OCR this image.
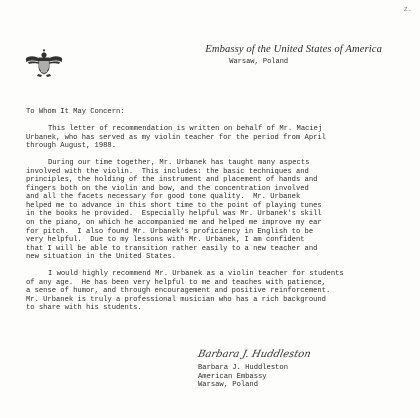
z.
Embassy of the United States of America
Warsaw, Poland
To Whom It May Concern:
This letter of recommendation is written on behalf of Mr. Maciej
Urbanek, who has served as my violin teacher for the period from April
through August, 1988.
During our time together, Mr. Urbanek has taught many aspects
involved with the violin.  This includes: the basic techniques and
principles, the holding of the instrument and placement of hands and
fingers both on the violin and bow, and the concentration involved
and all the facets necessary for good tone quality.  Mr. Urbanek
helped me to advance in this short time to the point of playing tunes
in the books he provided.  Especially helpful was Mr. Urbanek's skill
on the piano, on which he accompanied me and helped me improve my ear
for pitch.  I also found Mr. Urbanek's proficiency in English to be
very helpful.  Due to my lessons with Mr. Urbanek, I am confident
that I will be able to transition rather easily to a new teacher and
new situation in the United States.
I would highly recommend Mr. Urbanek as a violin teacher for students
of any age.  He has been very helpful to me and teaches with patience,
a sense of humor, and through encouragement and positive reinforcement.
Mr. Urbanek is truly a professional musician who has a rich background
to share with his students.
Barbara J. Huddleston
Barbara J. Huddleston
American Embassy
Warsaw, Poland
